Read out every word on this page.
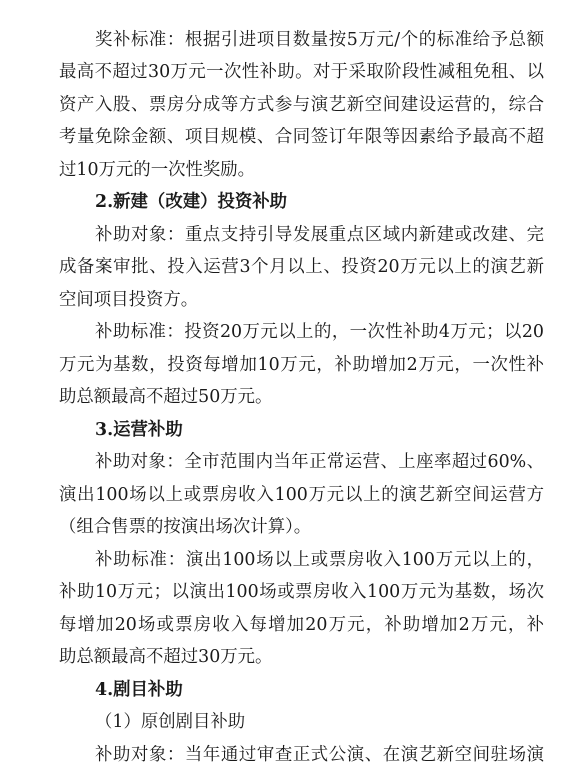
奖补标准：根据引进项目数量按5万元/个的标准给予总额
最高不超过30万元一次性补助。对于采取阶段性减租免租、以
资产入股、票房分成等方式参与演艺新空间建设运营的，综合
考量免除金额、项目规模、合同签订年限等因素给予最高不超
过10万元的一次性奖励。
2.新建（改建）投资补助
补助对象：重点支持引导发展重点区域内新建或改建、完
成备案审批、投入运营3个月以上、投资20万元以上的演艺新
空间项目投资方。
补助标准：投资20万元以上的，一次性补助4万元；以20
万元为基数，投资每增加10万元，补助增加2万元，一次性补
助总额最高不超过50万元。
3.运营补助
补助对象：全市范围内当年正常运营、上座率超过60%、
演出100场以上或票房收入100万元以上的演艺新空间运营方
（组合售票的按演出场次计算）。
补助标准：演出100场以上或票房收入100万元以上的，
补助10万元；以演出100场或票房收入100万元为基数，场次
每增加20场或票房收入每增加20万元，补助增加2万元，补
助总额最高不超过30万元。
4.剧目补助
（1）原创剧目补助
补助对象：当年通过审查正式公演、在演艺新空间驻场演
